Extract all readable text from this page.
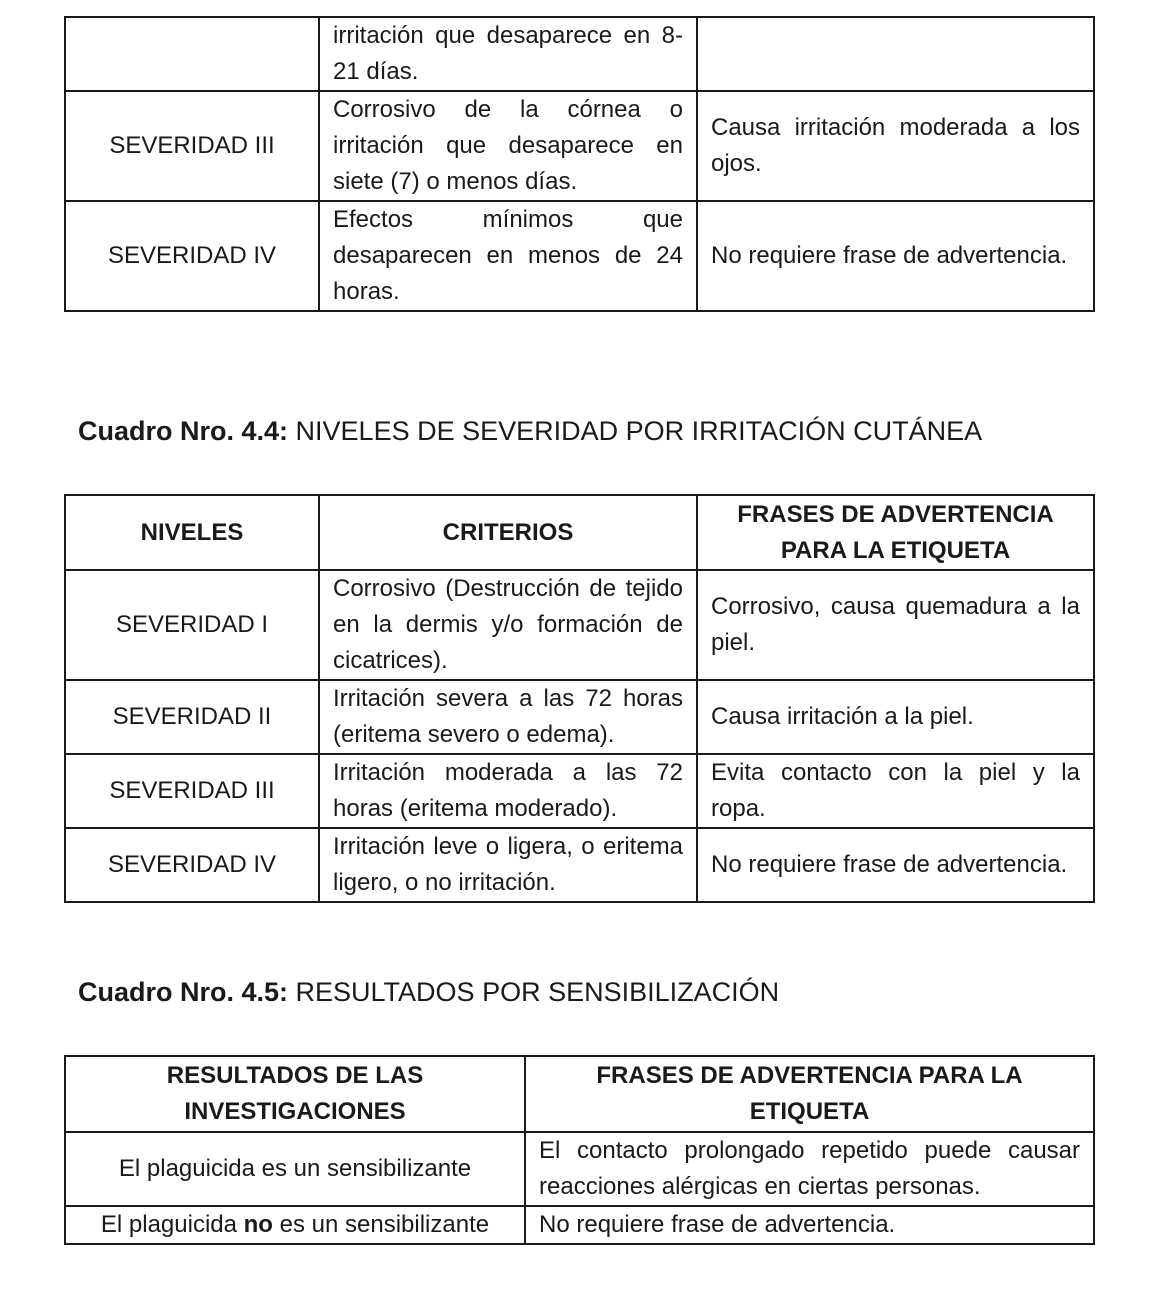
	irritación que desaparece en 8-21 días.	
SEVERIDAD III	Corrosivo de la córnea o irritación que desaparece en siete (7) o menos días.	Causa irritación moderada a los ojos.
SEVERIDAD IV	Efectos mínimos que desaparecen en menos de 24 horas.	No requiere frase de advertencia.
Cuadro Nro. 4.4: NIVELES DE SEVERIDAD POR IRRITACIÓN CUTÁNEA
NIVELES	CRITERIOS	FRASES DE ADVERTENCIA PARA LA ETIQUETA
SEVERIDAD I	Corrosivo (Destrucción de tejido en la dermis y/o formación de cicatrices).	Corrosivo, causa quemadura a la piel.
SEVERIDAD II	Irritación severa a las 72 horas (eritema severo o edema).	Causa irritación a la piel.
SEVERIDAD III	Irritación moderada a las 72 horas (eritema moderado).	Evita contacto con la piel y la ropa.
SEVERIDAD IV	Irritación leve o ligera, o eritema ligero, o no irritación.	No requiere frase de advertencia.
Cuadro Nro. 4.5: RESULTADOS POR SENSIBILIZACIÓN
RESULTADOS DE LAS INVESTIGACIONES	FRASES DE ADVERTENCIA PARA LA ETIQUETA
El plaguicida es un sensibilizante	El contacto prolongado repetido puede causar reacciones alérgicas en ciertas personas.
El plaguicida no es un sensibilizante	No requiere frase de advertencia.
